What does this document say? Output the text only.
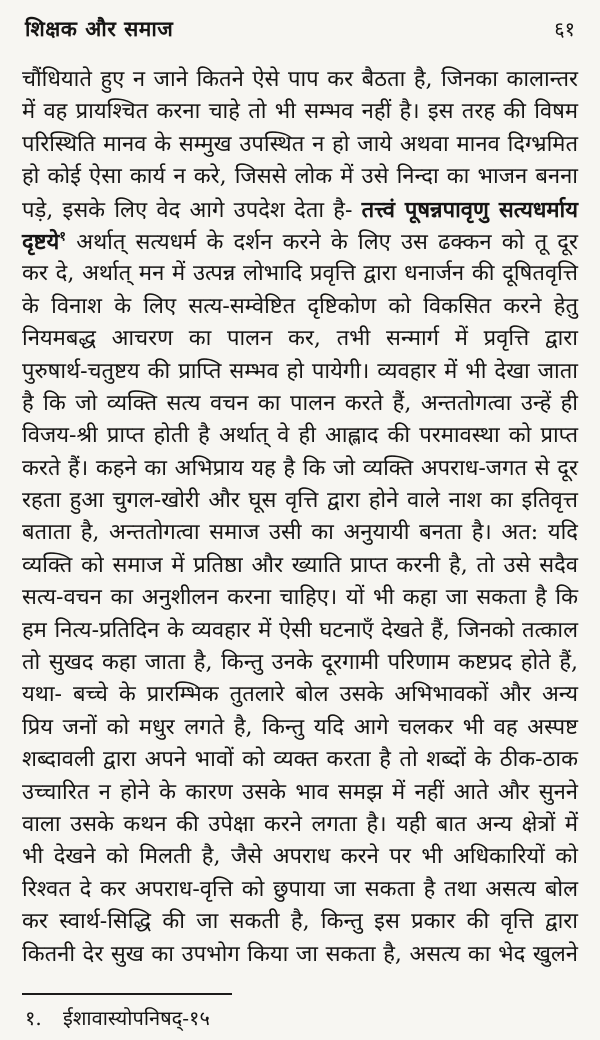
शिक्षक और समाज	६१
चौंधियाते हुए न जाने कितने ऐसे पाप कर बैठता है, जिनका कालान्तर
में वह प्रायश्चित करना चाहे तो भी सम्भव नहीं है। इस तरह की विषम
परिस्थिति मानव के सम्मुख उपस्थित न हो जाये अथवा मानव दिग्भ्रमित
हो कोई ऐसा कार्य न करे, जिससे लोक में उसे निन्दा का भाजन बनना
पड़े, इसके लिए वेद आगे उपदेश देता है- तत्त्वं पूषन्नपावृणु सत्यधर्माय
दृष्टये$^१$ अर्थात् सत्यधर्म के दर्शन करने के लिए उस ढक्कन को तू दूर
कर दे, अर्थात् मन में उत्पन्न लोभादि प्रवृत्ति द्वारा धनार्जन की दूषितवृत्ति
के विनाश के लिए सत्य-सम्वेष्टित दृष्टिकोण को विकसित करने हेतु
नियमबद्ध आचरण का पालन कर, तभी सन्मार्ग में प्रवृत्ति द्वारा
पुरुषार्थ-चतुष्टय की प्राप्ति सम्भव हो पायेगी। व्यवहार में भी देखा जाता
है कि जो व्यक्ति सत्य वचन का पालन करते हैं, अन्ततोगत्वा उन्हें ही
विजय-श्री प्राप्त होती है अर्थात् वे ही आह्लाद की परमावस्था को प्राप्त
करते हैं। कहने का अभिप्राय यह है कि जो व्यक्ति अपराध-जगत से दूर
रहता हुआ चुगल-खोरी और घूस वृत्ति द्वारा होने वाले नाश का इतिवृत्त
बताता है, अन्ततोगत्वा समाज उसी का अनुयायी बनता है। अत: यदि
व्यक्ति को समाज में प्रतिष्ठा और ख्याति प्राप्त करनी है, तो उसे सदैव
सत्य-वचन का अनुशीलन करना चाहिए। यों भी कहा जा सकता है कि
हम नित्य-प्रतिदिन के व्यवहार में ऐसी घटनाएँ देखते हैं, जिनको तत्काल
तो सुखद कहा जाता है, किन्तु उनके दूरगामी परिणाम कष्टप्रद होते हैं,
यथा- बच्चे के प्रारम्भिक तुतलारे बोल उसके अभिभावकों और अन्य
प्रिय जनों को मधुर लगते है, किन्तु यदि आगे चलकर भी वह अस्पष्ट
शब्दावली द्वारा अपने भावों को व्यक्त करता है तो शब्दों के ठीक-ठाक
उच्चारित न होने के कारण उसके भाव समझ में नहीं आते और सुनने
वाला उसके कथन की उपेक्षा करने लगता है। यही बात अन्य क्षेत्रों में
भी देखने को मिलती है, जैसे अपराध करने पर भी अधिकारियों को
रिश्वत दे कर अपराध-वृत्ति को छुपाया जा सकता है तथा असत्य बोल
कर स्वार्थ-सिद्धि की जा सकती है, किन्तु इस प्रकार की वृत्ति द्वारा
कितनी देर सुख का उपभोग किया जा सकता है, असत्य का भेद खुलने
१.	ईशावास्योपनिषद्-१५
